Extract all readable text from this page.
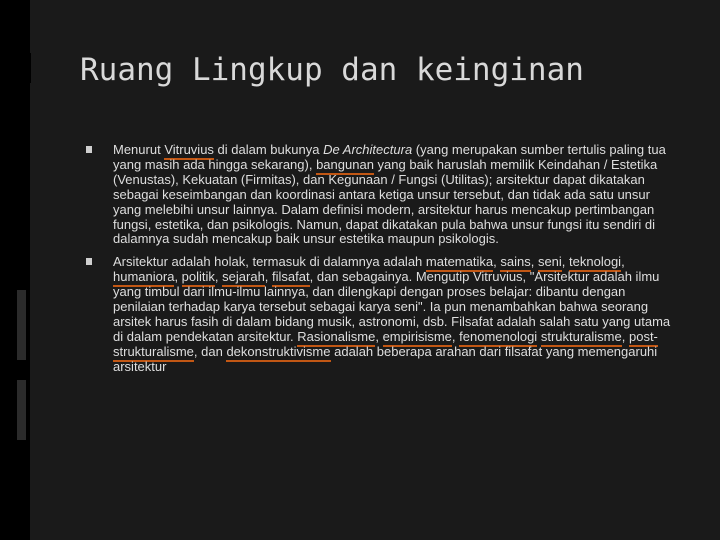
Ruang Lingkup dan keinginan

Menurut Vitruvius di dalam bukunya De Architectura (yang merupakan sumber tertulis paling tua yang masih ada hingga sekarang), bangunan yang baik haruslah memilik Keindahan / Estetika (Venustas), Kekuatan (Firmitas), dan Kegunaan / Fungsi (Utilitas); arsitektur dapat dikatakan sebagai keseimbangan dan koordinasi antara ketiga unsur tersebut, dan tidak ada satu unsur yang melebihi unsur lainnya. Dalam definisi modern, arsitektur harus mencakup pertimbangan fungsi, estetika, dan psikologis. Namun, dapat dikatakan pula bahwa unsur fungsi itu sendiri di dalamnya sudah mencakup baik unsur estetika maupun psikologis.

Arsitektur adalah holak, termasuk di dalamnya adalah matematika, sains, seni, teknologi, humaniora, politik, sejarah, filsafat, dan sebagainya. Mengutip Vitruvius, "Arsitektur adalah ilmu yang timbul dari ilmu-ilmu lainnya, dan dilengkapi dengan proses belajar: dibantu dengan penilaian terhadap karya tersebut sebagai karya seni". Ia pun menambahkan bahwa seorang arsitek harus fasih di dalam bidang musik, astronomi, dsb. Filsafat adalah salah satu yang utama di dalam pendekatan arsitektur. Rasionalisme, empirisisme, fenomenologi strukturalisme, post-strukturalisme, dan dekonstruktivisme adalah beberapa arahan dari filsafat yang memengaruhi arsitektur
